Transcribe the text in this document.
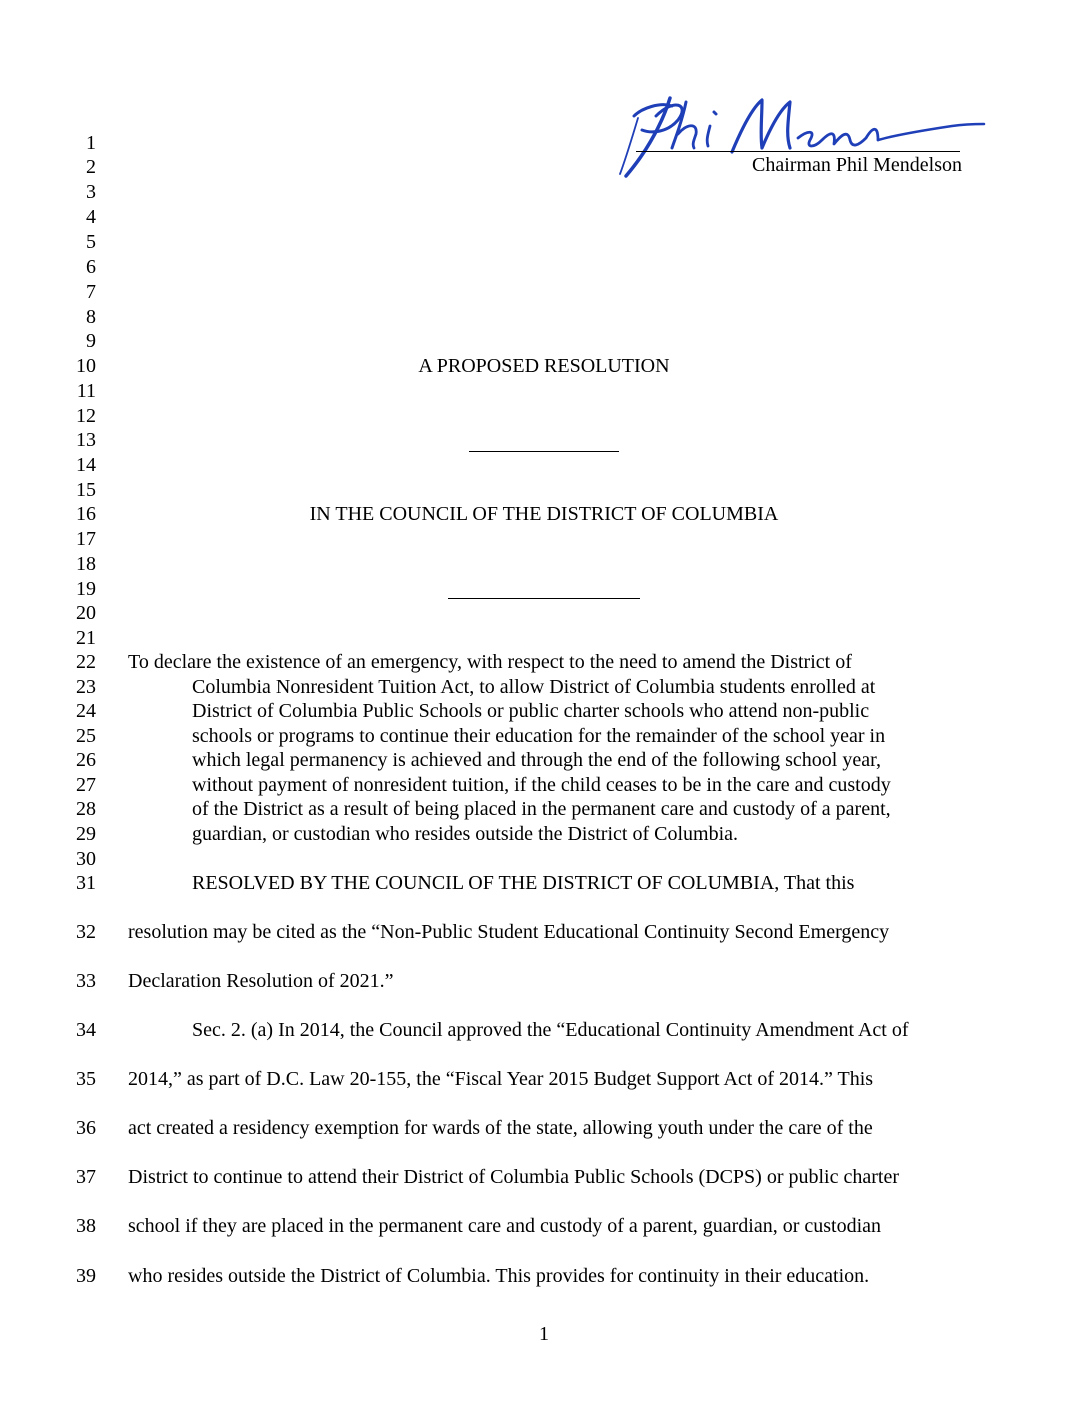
Chairman Phil Mendelson
1
2
3
4
5
6
7
8
9
10
11
12
13
14
15
16
17
18
19
20
21
22
23
24
25
26
27
28
29
30
31
32
33
34
35
36
37
38
39
A PROPOSED RESOLUTION
IN THE COUNCIL OF THE DISTRICT OF COLUMBIA
To declare the existence of an emergency, with respect to the need to amend the District of
Columbia Nonresident Tuition Act, to allow District of Columbia students enrolled at
District of Columbia Public Schools or public charter schools who attend non-public
schools or programs to continue their education for the remainder of the school year in
which legal permanency is achieved and through the end of the following school year,
without payment of nonresident tuition, if the child ceases to be in the care and custody
of the District as a result of being placed in the permanent care and custody of a parent,
guardian, or custodian who resides outside the District of Columbia.
RESOLVED BY THE COUNCIL OF THE DISTRICT OF COLUMBIA, That this
resolution may be cited as the “Non-Public Student Educational Continuity Second Emergency
Declaration Resolution of 2021.”
Sec. 2. (a) In 2014, the Council approved the “Educational Continuity Amendment Act of
2014,” as part of D.C. Law 20-155, the “Fiscal Year 2015 Budget Support Act of 2014.” This
act created a residency exemption for wards of the state, allowing youth under the care of the
District to continue to attend their District of Columbia Public Schools (DCPS) or public charter
school if they are placed in the permanent care and custody of a parent, guardian, or custodian
who resides outside the District of Columbia. This provides for continuity in their education.
1
